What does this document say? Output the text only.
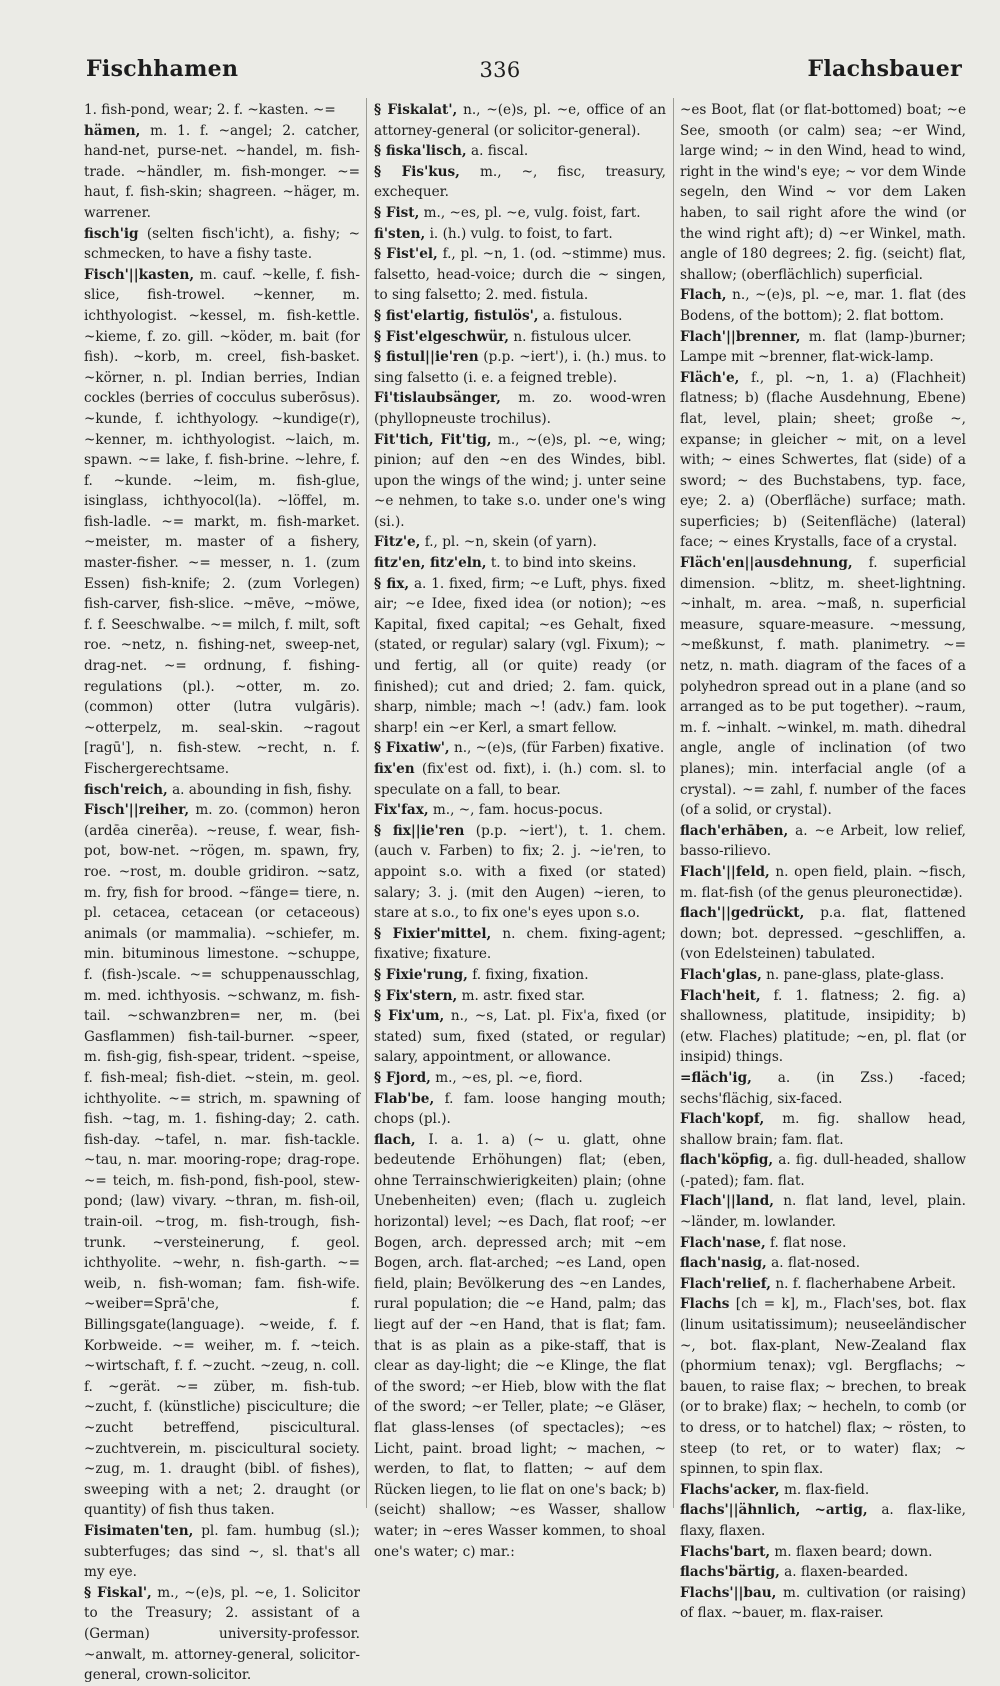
Fischhamen	336	Flachsbauer
1. fish-pond, wear; 2. f. ~kasten. ~=
hämen, m. 1. f. ~angel; 2. catcher, hand-net, purse-net. ~handel, m. fish-trade. ~händler, m. fish-monger. ~= haut, f. fish-skin; shagreen. ~häger, m. warrener.
fisch'ig (selten fisch'icht), a. fishy; ~ schmecken, to have a fishy taste.
Fisch'||kasten, m. cauf. ~kelle, f. fish-slice, fish-trowel. ~kenner, m. ichthyologist. ~kessel, m. fish-kettle. ~kieme, f. zo. gill. ~köder, m. bait (for fish). ~korb, m. creel, fish-basket. ~körner, n. pl. Indian berries, Indian cockles (berries of cocculus suberōsus). ~kunde, f. ichthyology. ~kundige(r), ~kenner, m. ichthyologist. ~laich, m. spawn. ~= lake, f. fish-brine. ~lehre, f. f. ~kunde. ~leim, m. fish-glue, isinglass, ichthyocol(la). ~löffel, m. fish-ladle. ~= markt, m. fish-market. ~meister, m. master of a fishery, master-fisher. ~= messer, n. 1. (zum Essen) fish-knife; 2. (zum Vorlegen) fish-carver, fish-slice. ~mēve, ~möwe, f. f. Seeschwalbe. ~= milch, f. milt, soft roe. ~netz, n. fishing-net, sweep-net, drag-net. ~= ordnung, f. fishing-regulations (pl.). ~otter, m. zo. (common) otter (lutra vulgāris). ~otterpelz, m. seal-skin. ~ragout [ragū'], n. fish-stew. ~recht, n. f. Fischergerechtsame.
fisch'reich, a. abounding in fish, fishy.
Fisch'||reiher, m. zo. (common) heron (ardēa cinerēa). ~reuse, f. wear, fish-pot, bow-net. ~rögen, m. spawn, fry, roe. ~rost, m. double gridiron. ~satz, m. fry, fish for brood. ~fänge= tiere, n. pl. cetacea, cetacean (or cetaceous) animals (or mammalia). ~schiefer, m. min. bituminous limestone. ~schuppe, f. (fish-)scale. ~= schuppenausschlag, m. med. ichthyosis. ~schwanz, m. fish-tail. ~schwanzbren= ner, m. (bei Gasflammen) fish-tail-burner. ~speer, m. fish-gig, fish-spear, trident. ~speise, f. fish-meal; fish-diet. ~stein, m. geol. ichthyolite. ~= strich, m. spawning of fish. ~tag, m. 1. fishing-day; 2. cath. fish-day. ~tafel, n. mar. fish-tackle. ~tau, n. mar. mooring-rope; drag-rope. ~= teich, m. fish-pond, fish-pool, stew-pond; (law) vivary. ~thran, m. fish-oil, train-oil. ~trog, m. fish-trough, fish-trunk. ~versteinerung, f. geol. ichthyolite. ~wehr, n. fish-garth. ~= weib, n. fish-woman; fam. fish-wife. ~weiber=Sprā'che, f. Billingsgate(language). ~weide, f. f. Korbweide. ~= weiher, m. f. ~teich. ~wirtschaft, f. f. ~zucht. ~zeug, n. coll. f. ~gerät. ~= züber, m. fish-tub. ~zucht, f. (künstliche) pisciculture; die ~zucht betreffend, piscicultural. ~zuchtverein, m. piscicultural society. ~zug, m. 1. draught (bibl. of fishes), sweeping with a net; 2. draught (or quantity) of fish thus taken.
Fisimaten'ten, pl. fam. humbug (sl.); subterfuges; das sind ~, sl. that's all my eye.
§ Fiskal', m., ~(e)s, pl. ~e, 1. Solicitor to the Treasury; 2. assistant of a (German) university-professor. ~anwalt, m. attorney-general, solicitor-general, crown-solicitor.
§ Fiskalat', n., ~(e)s, pl. ~e, office of an attorney-general (or solicitor-general).
§ fiska'lisch, a. fiscal.
§ Fis'kus, m., ~, fisc, treasury, exchequer.
§ Fist, m., ~es, pl. ~e, vulg. foist, fart.
fi'sten, i. (h.) vulg. to foist, to fart.
§ Fist'el, f., pl. ~n, 1. (od. ~stimme) mus. falsetto, head-voice; durch die ~ singen, to sing falsetto; 2. med. fistula.
§ fist'elartig, fistulös', a. fistulous.
§ Fist'elgeschwür, n. fistulous ulcer.
§ fistul||ie'ren (p.p. ~iert'), i. (h.) mus. to sing falsetto (i. e. a feigned treble).
Fi'tislaubsänger, m. zo. wood-wren (phyllopneuste trochilus).
Fit'tich, Fit'tig, m., ~(e)s, pl. ~e, wing; pinion; auf den ~en des Windes, bibl. upon the wings of the wind; j. unter seine ~e nehmen, to take s.o. under one's wing (si.).
Fitz'e, f., pl. ~n, skein (of yarn).
fitz'en, fitz'eln, t. to bind into skeins.
§ fix, a. 1. fixed, firm; ~e Luft, phys. fixed air; ~e Idee, fixed idea (or notion); ~es Kapital, fixed capital; ~es Gehalt, fixed (stated, or regular) salary (vgl. Fixum); ~ und fertig, all (or quite) ready (or finished); cut and dried; 2. fam. quick, sharp, nimble; mach ~! (adv.) fam. look sharp! ein ~er Kerl, a smart fellow.
§ Fixatiw', n., ~(e)s, (für Farben) fixative.
fix'en (fix'est od. fixt), i. (h.) com. sl. to speculate on a fall, to bear.
Fix'fax, m., ~, fam. hocus-pocus.
§ fix||ie'ren (p.p. ~iert'), t. 1. chem. (auch v. Farben) to fix; 2. j. ~ie'ren, to appoint s.o. with a fixed (or stated) salary; 3. j. (mit den Augen) ~ieren, to stare at s.o., to fix one's eyes upon s.o.
§ Fixier'mittel, n. chem. fixing-agent; fixative; fixature.
§ Fixie'rung, f. fixing, fixation.
§ Fix'stern, m. astr. fixed star.
§ Fix'um, n., ~s, Lat. pl. Fix'a, fixed (or stated) sum, fixed (stated, or regular) salary, appointment, or allowance.
§ Fjord, m., ~es, pl. ~e, fiord.
Flab'be, f. fam. loose hanging mouth; chops (pl.).
flach, I. a. 1. a) (~ u. glatt, ohne bedeutende Erhöhungen) flat; (eben, ohne Terrainschwierigkeiten) plain; (ohne Unebenheiten) even; (flach u. zugleich horizontal) level; ~es Dach, flat roof; ~er Bogen, arch. depressed arch; mit ~em Bogen, arch. flat-arched; ~es Land, open field, plain; Bevölkerung des ~en Landes, rural population; die ~e Hand, palm; das liegt auf der ~en Hand, that is flat; fam. that is as plain as a pike-staff, that is clear as day-light; die ~e Klinge, the flat of the sword; ~er Hieb, blow with the flat of the sword; ~er Teller, plate; ~e Gläser, flat glass-lenses (of spectacles); ~es Licht, paint. broad light; ~ machen, ~ werden, to flat, to flatten; ~ auf dem Rücken liegen, to lie flat on one's back; b) (seicht) shallow; ~es Wasser, shallow water; in ~eres Wasser kommen, to shoal one's water; c) mar.:
~es Boot, flat (or flat-bottomed) boat; ~e See, smooth (or calm) sea; ~er Wind, large wind; ~ in den Wind, head to wind, right in the wind's eye; ~ vor dem Winde segeln, den Wind ~ vor dem Laken haben, to sail right afore the wind (or the wind right aft); d) ~er Winkel, math. angle of 180 degrees; 2. fig. (seicht) flat, shallow; (oberflächlich) superficial.
Flach, n., ~(e)s, pl. ~e, mar. 1. flat (des Bodens, of the bottom); 2. flat bottom.
Flach'||brenner, m. flat (lamp-)burner; Lampe mit ~brenner, flat-wick-lamp.
Fläch'e, f., pl. ~n, 1. a) (Flachheit) flatness; b) (flache Ausdehnung, Ebene) flat, level, plain; sheet; große ~, expanse; in gleicher ~ mit, on a level with; ~ eines Schwertes, flat (side) of a sword; ~ des Buchstabens, typ. face, eye; 2. a) (Oberfläche) surface; math. superficies; b) (Seitenfläche) (lateral) face; ~ eines Krystalls, face of a crystal.
Fläch'en||ausdehnung, f. superficial dimension. ~blitz, m. sheet-lightning. ~inhalt, m. area. ~maß, n. superficial measure, square-measure. ~messung, ~meßkunst, f. math. planimetry. ~= netz, n. math. diagram of the faces of a polyhedron spread out in a plane (and so arranged as to be put together). ~raum, m. f. ~inhalt. ~winkel, m. math. dihedral angle, angle of inclination (of two planes); min. interfacial angle (of a crystal). ~= zahl, f. number of the faces (of a solid, or crystal).
flach'erhāben, a. ~e Arbeit, low relief, basso-rilievo.
Flach'||feld, n. open field, plain. ~fisch, m. flat-fish (of the genus pleuronectidæ).
flach'||gedrückt, p.a. flat, flattened down; bot. depressed. ~geschliffen, a. (von Edelsteinen) tabulated.
Flach'glas, n. pane-glass, plate-glass.
Flach'heit, f. 1. flatness; 2. fig. a) shallowness, platitude, insipidity; b) (etw. Flaches) platitude; ~en, pl. flat (or insipid) things.
=fläch'ig, a. (in Zss.) -faced; sechs'flächig, six-faced.
Flach'kopf, m. fig. shallow head, shallow brain; fam. flat.
flach'köpfig, a. fig. dull-headed, shallow (-pated); fam. flat.
Flach'||land, n. flat land, level, plain. ~länder, m. lowlander.
Flach'nase, f. flat nose.
flach'nasig, a. flat-nosed.
Flach'relief, n. f. flacherhabene Arbeit.
Flachs [ch = k], m., Flach'ses, bot. flax (linum usitatissimum); neuseeländischer ~, bot. flax-plant, New-Zealand flax (phormium tenax); vgl. Bergflachs; ~ bauen, to raise flax; ~ brechen, to break (or to brake) flax; ~ hecheln, to comb (or to dress, or to hatchel) flax; ~ rösten, to steep (to ret, or to water) flax; ~ spinnen, to spin flax.
Flachs'acker, m. flax-field.
flachs'||ähnlich, ~artig, a. flax-like, flaxy, flaxen.
Flachs'bart, m. flaxen beard; down.
flachs'bärtig, a. flaxen-bearded.
Flachs'||bau, m. cultivation (or raising) of flax. ~bauer, m. flax-raiser.
